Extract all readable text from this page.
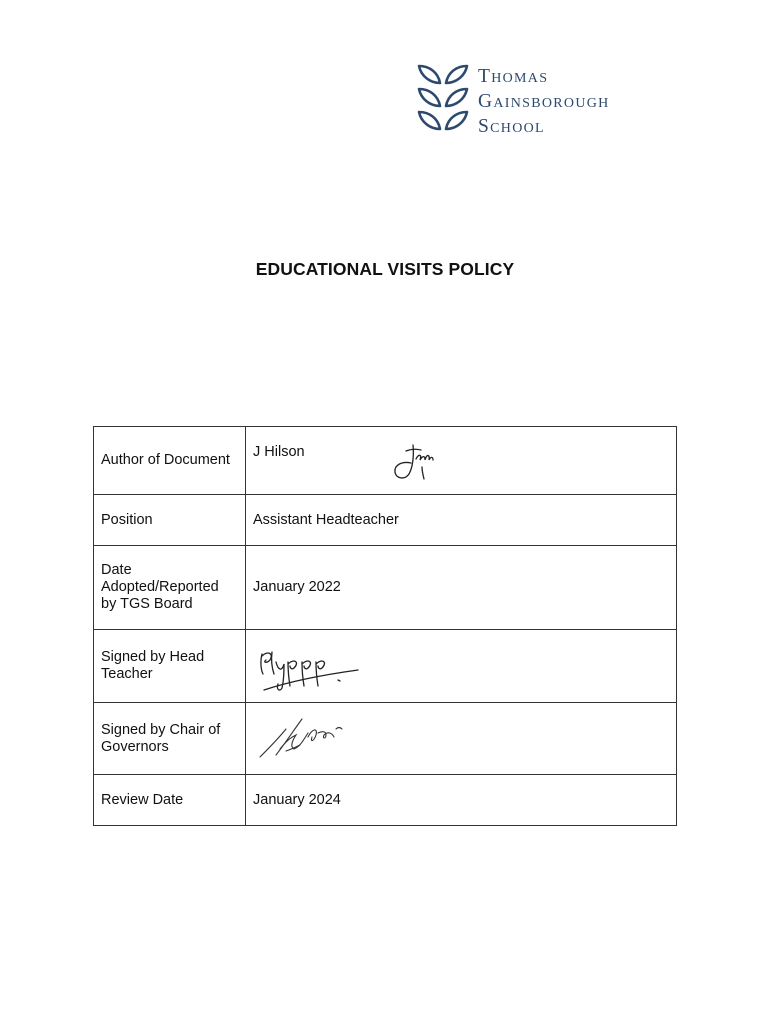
Thomas
Gainsborough
School
EDUCATIONAL VISITS POLICY
Author of Document	J Hilson

Position	Assistant Headteacher
Date Adopted/Reported by TGS Board	January 2022
Signed by Head Teacher	

Signed by Chair of Governors	

Review Date	January 2024
